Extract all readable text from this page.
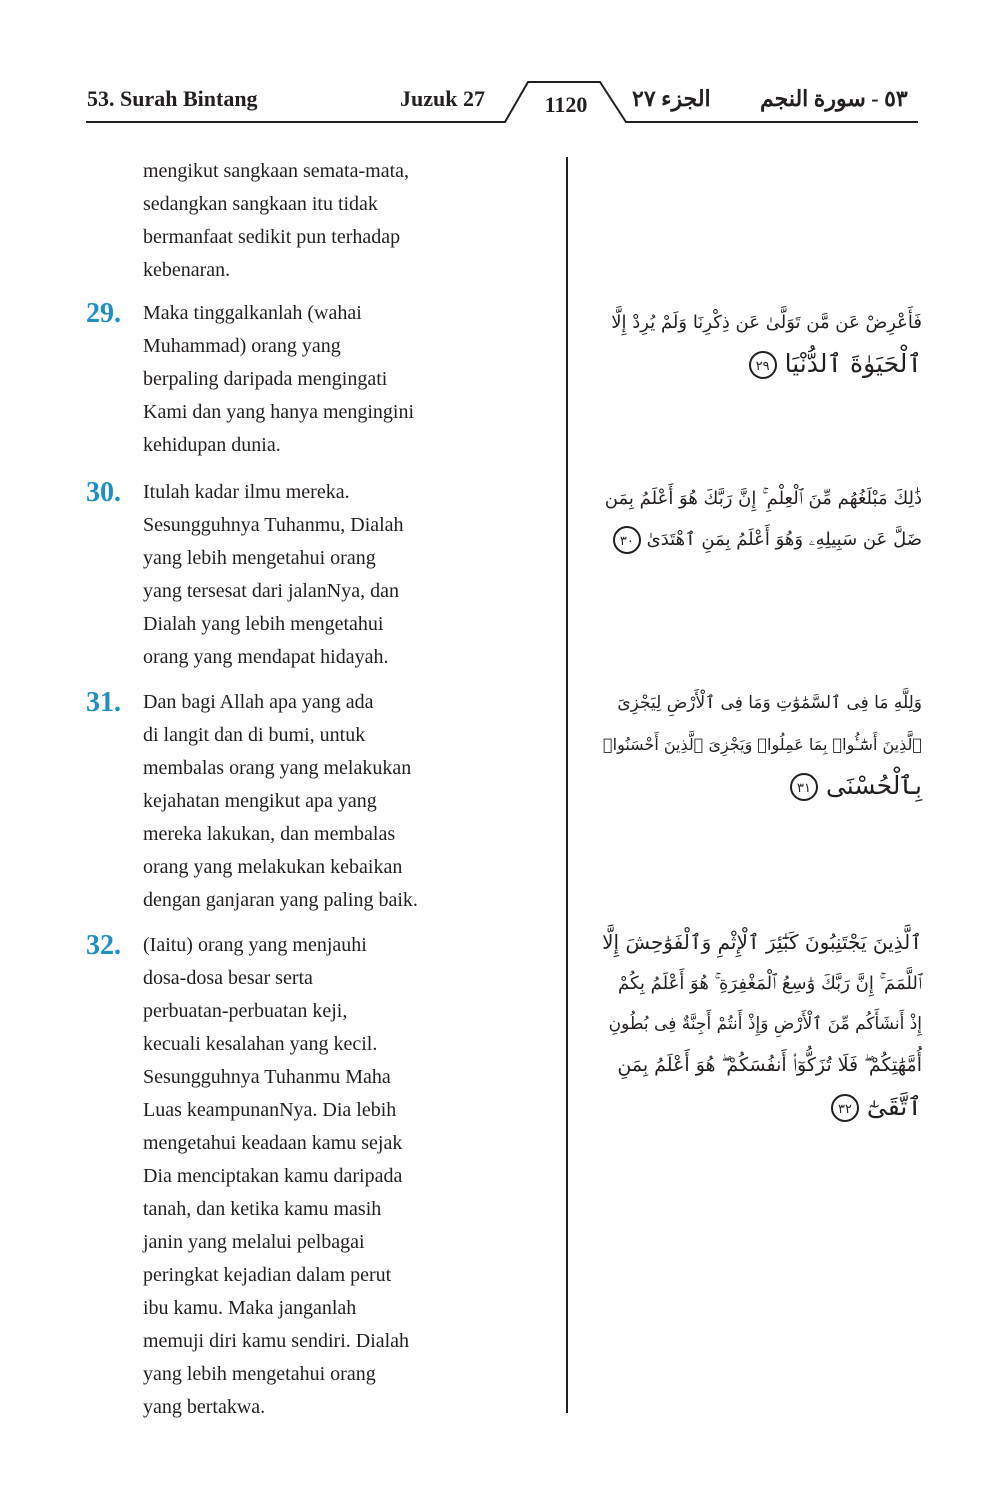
53. Surah Bintang	Juzuk 27	1120	الجزء ٢٧ ٥٣ - سورة النجم
mengikut sangkaan semata-mata,
sedangkan sangkaan itu tidak
bermanfaat sedikit pun terhadap
kebenaran.
29. Maka tinggalkanlah (wahai
Muhammad) orang yang
berpaling daripada mengingati
Kami dan yang hanya menginginі
kehidupan dunia.
فَأَعْرِضْ عَن مَّن تَوَلَّىٰ عَن ذِكْرِنَا وَلَمْ يُرِدْ إِلَّا
ٱلْحَيَوٰةَ ٱلدُّنْيَا ٢٩
30. Itulah kadar ilmu mereka.
Sesungguhnya Tuhanmu, Dialah
yang lebih mengetahui orang
yang tersesat dari jalanNya, dan
Dialah yang lebih mengetahui
orang yang mendapat hidayah.
ذَٰلِكَ مَبْلَغُهُم مِّنَ ٱلْعِلْمِ ۚ إِنَّ رَبَّكَ هُوَ أَعْلَمُ بِمَن
ضَلَّ عَن سَبِيلِهِۦ وَهُوَ أَعْلَمُ بِمَنِ ٱهْتَدَىٰ ٣٠
31. Dan bagi Allah apa yang ada
di langit dan di bumi, untuk
membalas orang yang melakukan
kejahatan mengikut apa yang
mereka lakukan, dan membalas
orang yang melakukan kebaikan
dengan ganjaran yang paling baik.
وَلِلَّهِ مَا فِى ٱلسَّمَٰوَٰتِ وَمَا فِى ٱلْأَرْضِ لِيَجْزِىَ
ٱلَّذِينَ أَسَٰٓـُٔوا۟ بِمَا عَمِلُوا۟ وَيَجْزِىَ ٱلَّذِينَ أَحْسَنُوا۟
بِٱلْحُسْنَى ٣١
32. (Iaitu) orang yang menjauhi
dosa-dosa besar serta
perbuatan-perbuatan keji,
kecuali kesalahan yang kecil.
Sesungguhnya Tuhanmu Maha
Luas keampunanNya. Dia lebih
mengetahui keadaan kamu sejak
Dia menciptakan kamu daripada
tanah, dan ketika kamu masih
janin yang melalui pelbagai
peringkat kejadian dalam perut
ibu kamu. Maka janganlah
memuji diri kamu sendiri. Dialah
yang lebih mengetahui orang
yang bertakwa.
ٱلَّذِينَ يَجْتَنِبُونَ كَبَٰٓئِرَ ٱلْإِثْمِ وَٱلْفَوَٰحِشَ إِلَّا
ٱللَّمَمَ ۚ إِنَّ رَبَّكَ وَٰسِعُ ٱلْمَغْفِرَةِ ۚ هُوَ أَعْلَمُ بِكُمْ
إِذْ أَنشَأَكُم مِّنَ ٱلْأَرْضِ وَإِذْ أَنتُمْ أَجِنَّةٌ فِى بُطُونِ
أُمَّهَٰتِكُمْ ۖ فَلَا تُزَكُّوٓا۟ أَنفُسَكُمْ ۖ هُوَ أَعْلَمُ بِمَنِ
ٱتَّقَىٰٓ ٣٢
